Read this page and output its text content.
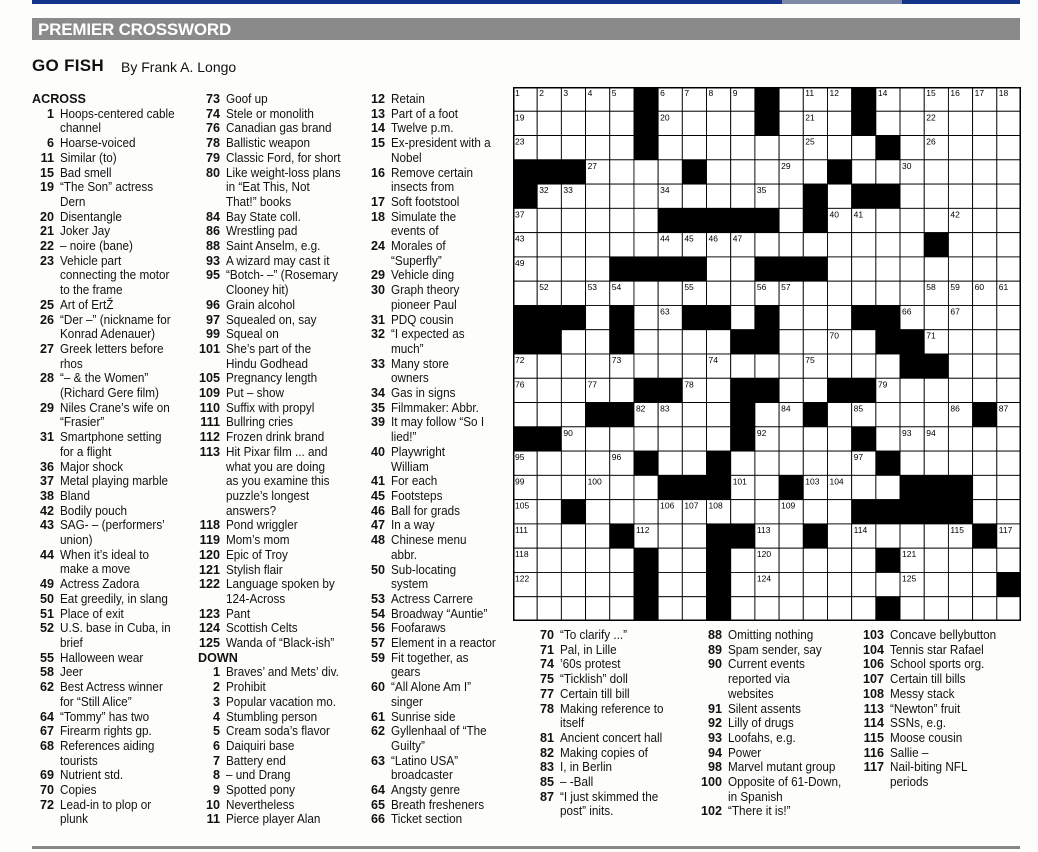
PREMIER CROSSWORD
GO FISH By Frank A. Longo
ACROSS
1 Hoops-centered cable
channel
6 Hoarse-voiced
11 Similar (to)
15 Bad smell
19 “The Son” actress
Dern
20 Disentangle
21 Joker Jay
22 – noire (bane)
23 Vehicle part
connecting the motor
to the frame
25 Art of ErtŽ
26 “Der –” (nickname for
Konrad Adenauer)
27 Greek letters before
rhos
28 “– & the Women”
(Richard Gere film)
29 Niles Crane’s wife on
“Frasier”
31 Smartphone setting
for a flight
36 Major shock
37 Metal playing marble
38 Bland
42 Bodily pouch
43 SAG- – (performers’
union)
44 When it’s ideal to
make a move
49 Actress Zadora
50 Eat greedily, in slang
51 Place of exit
52 U.S. base in Cuba, in
brief
55 Halloween wear
58 Jeer
62 Best Actress winner
for “Still Alice”
64 “Tommy” has two
67 Firearm rights gp.
68 References aiding
tourists
69 Nutrient std.
70 Copies
72 Lead-in to plop or
plunk
73 Goof up
74 Stele or monolith
76 Canadian gas brand
78 Ballistic weapon
79 Classic Ford, for short
80 Like weight-loss plans
in “Eat This, Not
That!” books
84 Bay State coll.
86 Wrestling pad
88 Saint Anselm, e.g.
93 A wizard may cast it
95 “Botch- –” (Rosemary
Clooney hit)
96 Grain alcohol
97 Squealed on, say
99 Squeal on
101 She’s part of the
Hindu Godhead
105 Pregnancy length
109 Put – show
110 Suffix with propyl
111 Bullring cries
112 Frozen drink brand
113 Hit Pixar film ... and
what you are doing
as you examine this
puzzle’s longest
answers?
118 Pond wriggler
119 Mom’s mom
120 Epic of Troy
121 Stylish flair
122 Language spoken by
124-Across
123 Pant
124 Scottish Celts
125 Wanda of “Black-ish”
DOWN
1 Braves’ and Mets’ div.
2 Prohibit
3 Popular vacation mo.
4 Stumbling person
5 Cream soda’s flavor
6 Daiquiri base
7 Battery end
8 – und Drang
9 Spotted pony
10 Nevertheless
11 Pierce player Alan
12 Retain
13 Part of a foot
14 Twelve p.m.
15 Ex-president with a
Nobel
16 Remove certain
insects from
17 Soft footstool
18 Simulate the
events of
24 Morales of
“Superfly”
29 Vehicle ding
30 Graph theory
pioneer Paul
31 PDQ cousin
32 “I expected as
much”
33 Many store
owners
34 Gas in signs
35 Filmmaker: Abbr.
39 It may follow “So I
lied!”
40 Playwright
William
41 For each
45 Footsteps
46 Ball for grads
47 In a way
48 Chinese menu
abbr.
50 Sub-locating
system
53 Actress Carrere
54 Broadway “Auntie”
56 Foofaraws
57 Element in a reactor
59 Fit together, as
gears
60 “All Alone Am I”
singer
61 Sunrise side
62 Gyllenhaal of “The
Guilty”
63 “Latino USA”
broadcaster
64 Angsty genre
65 Breath fresheners
66 Ticket section
70 “To clarify ...”
71 Pal, in Lille
74 ’60s protest
75 “Ticklish” doll
77 Certain till bill
78 Making reference to
itself
81 Ancient concert hall
82 Making copies of
83 I, in Berlin
85 – -Ball
87 “I just skimmed the
post” inits.
88 Omitting nothing
89 Spam sender, say
90 Current events
reported via
websites
91 Silent assents
92 Lilly of drugs
93 Loofahs, e.g.
94 Power
98 Marvel mutant group
100 Opposite of 61-Down,
in Spanish
102 “There it is!”
103 Concave bellybutton
104 Tennis star Rafael
106 School sports org.
107 Certain till bills
108 Messy stack
113 “Newton” fruit
114 SSNs, e.g.
115 Moose cousin
116 Sallie –
117 Nail-biting NFL
periods
1 2 3 4 5	6 7 8 9 10	11 12 13 14	15 16 17 18
19	20	21	22
23	24	25	26
27	28	29	30
31 32 33	34	35	36
37	38	39 40 41	42
43	44 45 46 47	48
49	50	51
52	53 54	55	56 57	58 59 60 61
62	63	64 65 66	67
68	69	70	71
72	73	74	75
76	77	78	79
80 81 82 83	84	85	86	87
88 89 90	91 92	93 94
95	96	97 98
99	100	101	102 103 104
105	106 107 108	109	110
111	112	113	114	115 116 117
118	119	120	121
122	123	124	125
